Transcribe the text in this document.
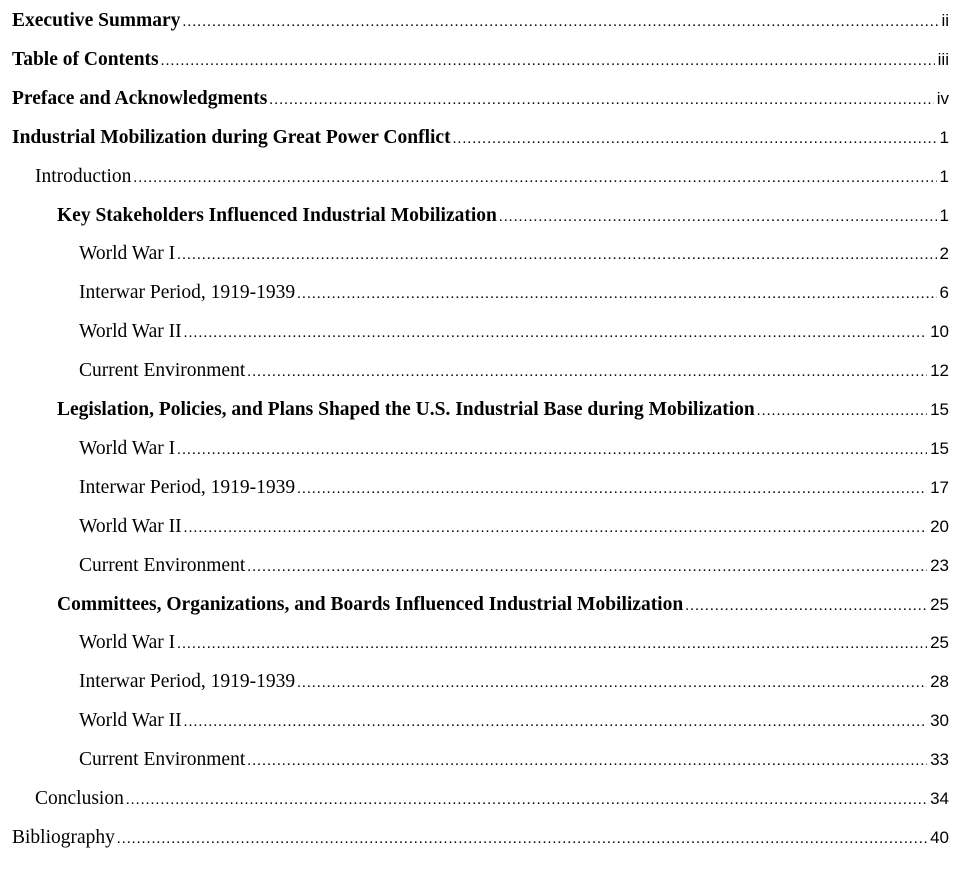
Executive Summary .....	ii
Table of Contents .....	iii
Preface and Acknowledgments .....	iv
Industrial Mobilization during Great Power Conflict .....	1
Introduction .....	1
Key Stakeholders Influenced Industrial Mobilization .....	1
World War I .....	2
Interwar Period, 1919-1939 .....	6
World War II .....	10
Current Environment .....	12
Legislation, Policies, and Plans Shaped the U.S. Industrial Base during Mobilization .....	15
World War I .....	15
Interwar Period, 1919-1939 .....	17
World War II .....	20
Current Environment .....	23
Committees, Organizations, and Boards Influenced Industrial Mobilization .....	25
World War I .....	25
Interwar Period, 1919-1939 .....	28
World War II .....	30
Current Environment .....	33
Conclusion .....	34
Bibliography .....	40
